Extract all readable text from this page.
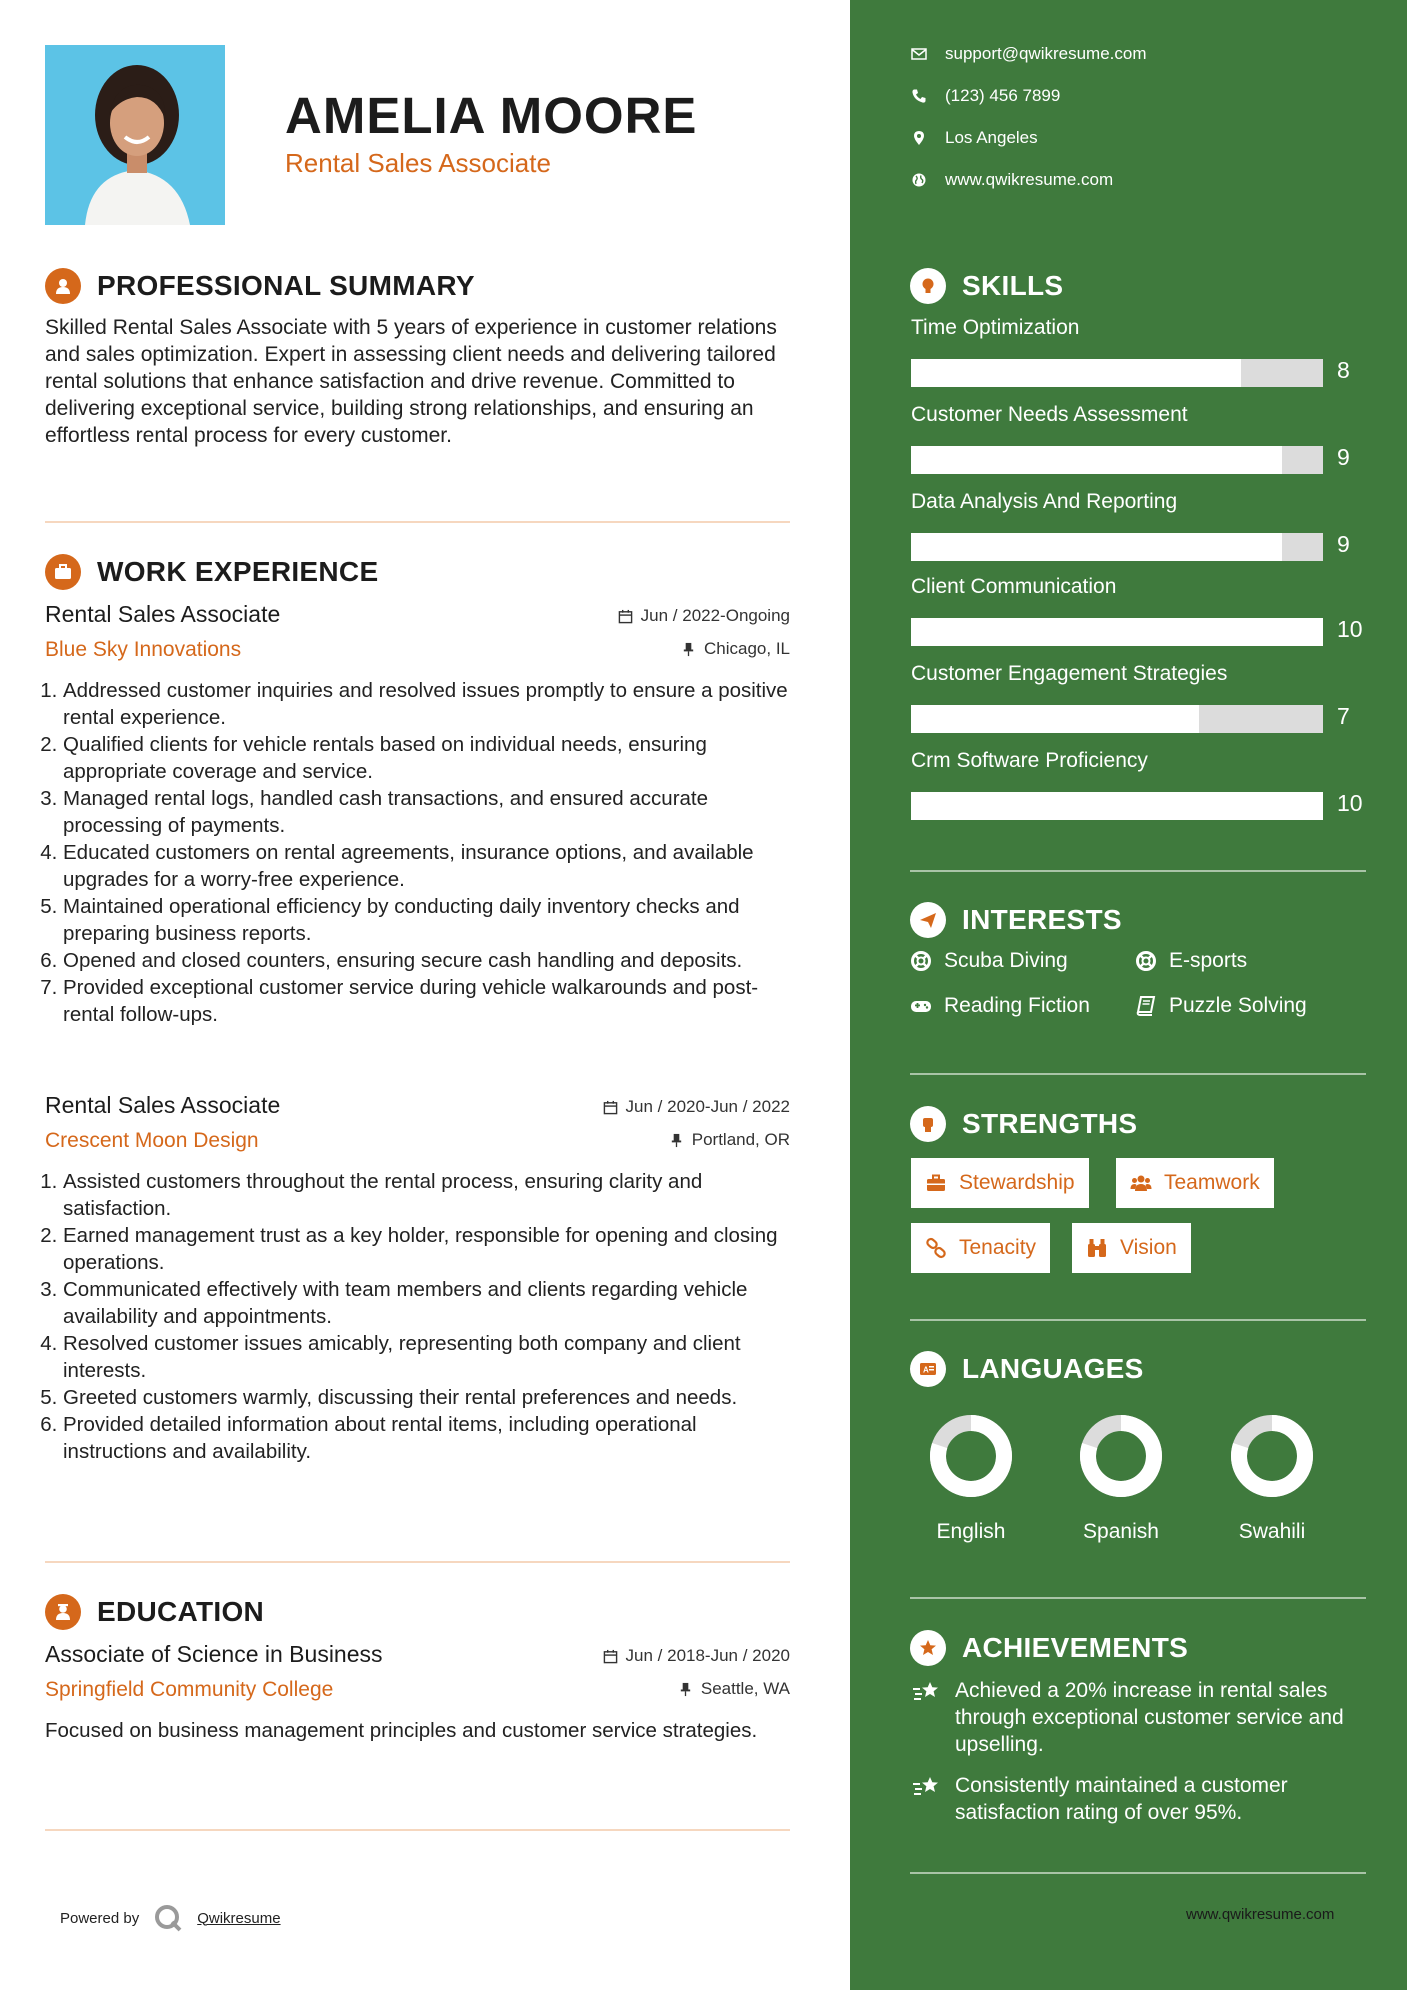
AMELIA MOORE
Rental Sales Associate
PROFESSIONAL SUMMARY
Skilled Rental Sales Associate with 5 years of experience in customer relations and sales optimization. Expert in assessing client needs and delivering tailored rental solutions that enhance satisfaction and drive revenue. Committed to delivering exceptional service, building strong relationships, and ensuring an effortless rental process for every customer.
WORK EXPERIENCE
Rental Sales Associate
Blue Sky Innovations
Jun / 2022-Ongoing
Chicago, IL
1. Addressed customer inquiries and resolved issues promptly to ensure a positive rental experience.
2. Qualified clients for vehicle rentals based on individual needs, ensuring appropriate coverage and service.
3. Managed rental logs, handled cash transactions, and ensured accurate processing of payments.
4. Educated customers on rental agreements, insurance options, and available upgrades for a worry-free experience.
5. Maintained operational efficiency by conducting daily inventory checks and preparing business reports.
6. Opened and closed counters, ensuring secure cash handling and deposits.
7. Provided exceptional customer service during vehicle walkarounds and post-rental follow-ups.
Rental Sales Associate
Crescent Moon Design
Jun / 2020-Jun / 2022
Portland, OR
1. Assisted customers throughout the rental process, ensuring clarity and satisfaction.
2. Earned management trust as a key holder, responsible for opening and closing operations.
3. Communicated effectively with team members and clients regarding vehicle availability and appointments.
4. Resolved customer issues amicably, representing both company and client interests.
5. Greeted customers warmly, discussing their rental preferences and needs.
6. Provided detailed information about rental items, including operational instructions and availability.
EDUCATION
Associate of Science in Business
Springfield Community College
Jun / 2018-Jun / 2020
Seattle, WA
Focused on business management principles and customer service strategies.
Powered by	Qwikresume
support@qwikresume.com
(123) 456 7899
Los Angeles
www.qwikresume.com
SKILLS
Time Optimization
8
Customer Needs Assessment
9
Data Analysis And Reporting
9
Client Communication
10
Customer Engagement Strategies
7
Crm Software Proficiency
10
INTERESTS
Scuba Diving	E-sports
Reading Fiction	Puzzle Solving
STRENGTHS
Stewardship	Teamwork
Tenacity	Vision
A LANGUAGES
English	Spanish	Swahili
ACHIEVEMENTS
Achieved a 20% increase in rental sales through exceptional customer service and upselling.
Consistently maintained a customer satisfaction rating of over 95%.
www.qwikresume.com
